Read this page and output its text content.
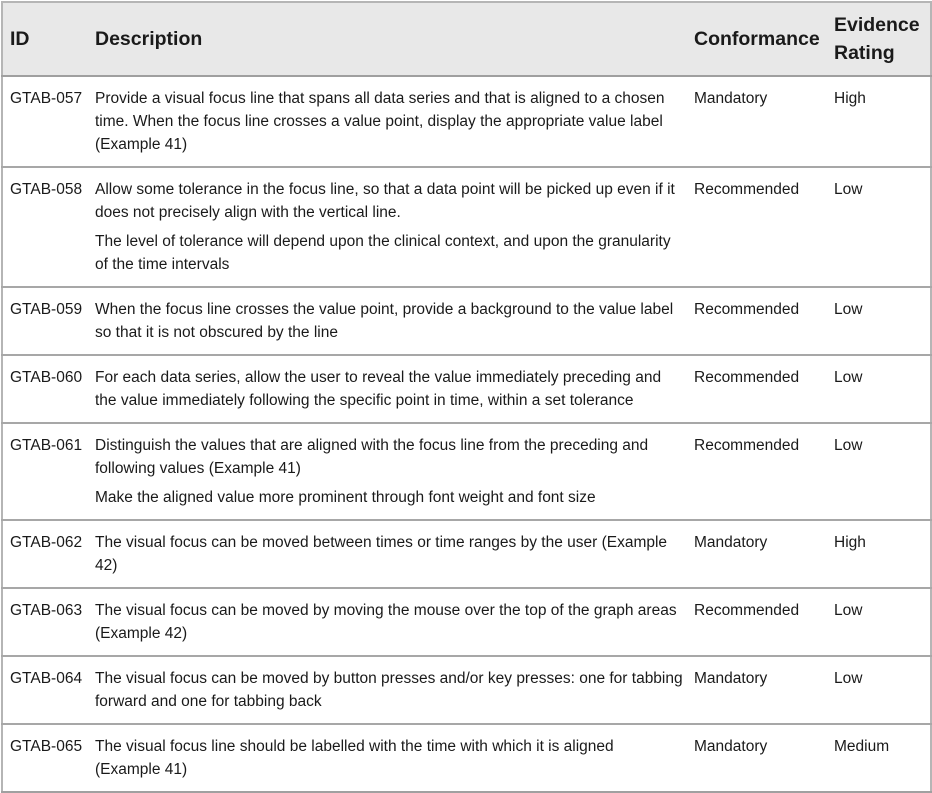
ID	Description	Conformance	Evidence
Rating

GTAB-057	Provide a visual focus line that spans all data series and that is aligned to a chosen time. When the focus line crosses a value point, display the appropriate value label (Example 41)	Mandatory	High
GTAB-058	Allow some tolerance in the focus line, so that a data point will be picked up even if it does not precisely align with the vertical line.

The level of tolerance will depend upon the clinical context, and upon the granularity of the time intervals	Recommended	Low
GTAB-059	When the focus line crosses the value point, provide a background to the value label so that it is not obscured by the line	Recommended	Low
GTAB-060	For each data series, allow the user to reveal the value immediately preceding and the value immediately following the specific point in time, within a set tolerance	Recommended	Low
GTAB-061	Distinguish the values that are aligned with the focus line from the preceding and following values (Example 41)

Make the aligned value more prominent through font weight and font size	Recommended	Low
GTAB-062	The visual focus can be moved between times or time ranges by the user (Example 42)	Mandatory	High
GTAB-063	The visual focus can be moved by moving the mouse over the top of the graph areas (Example 42)	Recommended	Low
GTAB-064	The visual focus can be moved by button presses and/or key presses: one for tabbing forward and one for tabbing back	Mandatory	Low
GTAB-065	The visual focus line should be labelled with the time with which it is aligned (Example 41)	Mandatory	Medium
